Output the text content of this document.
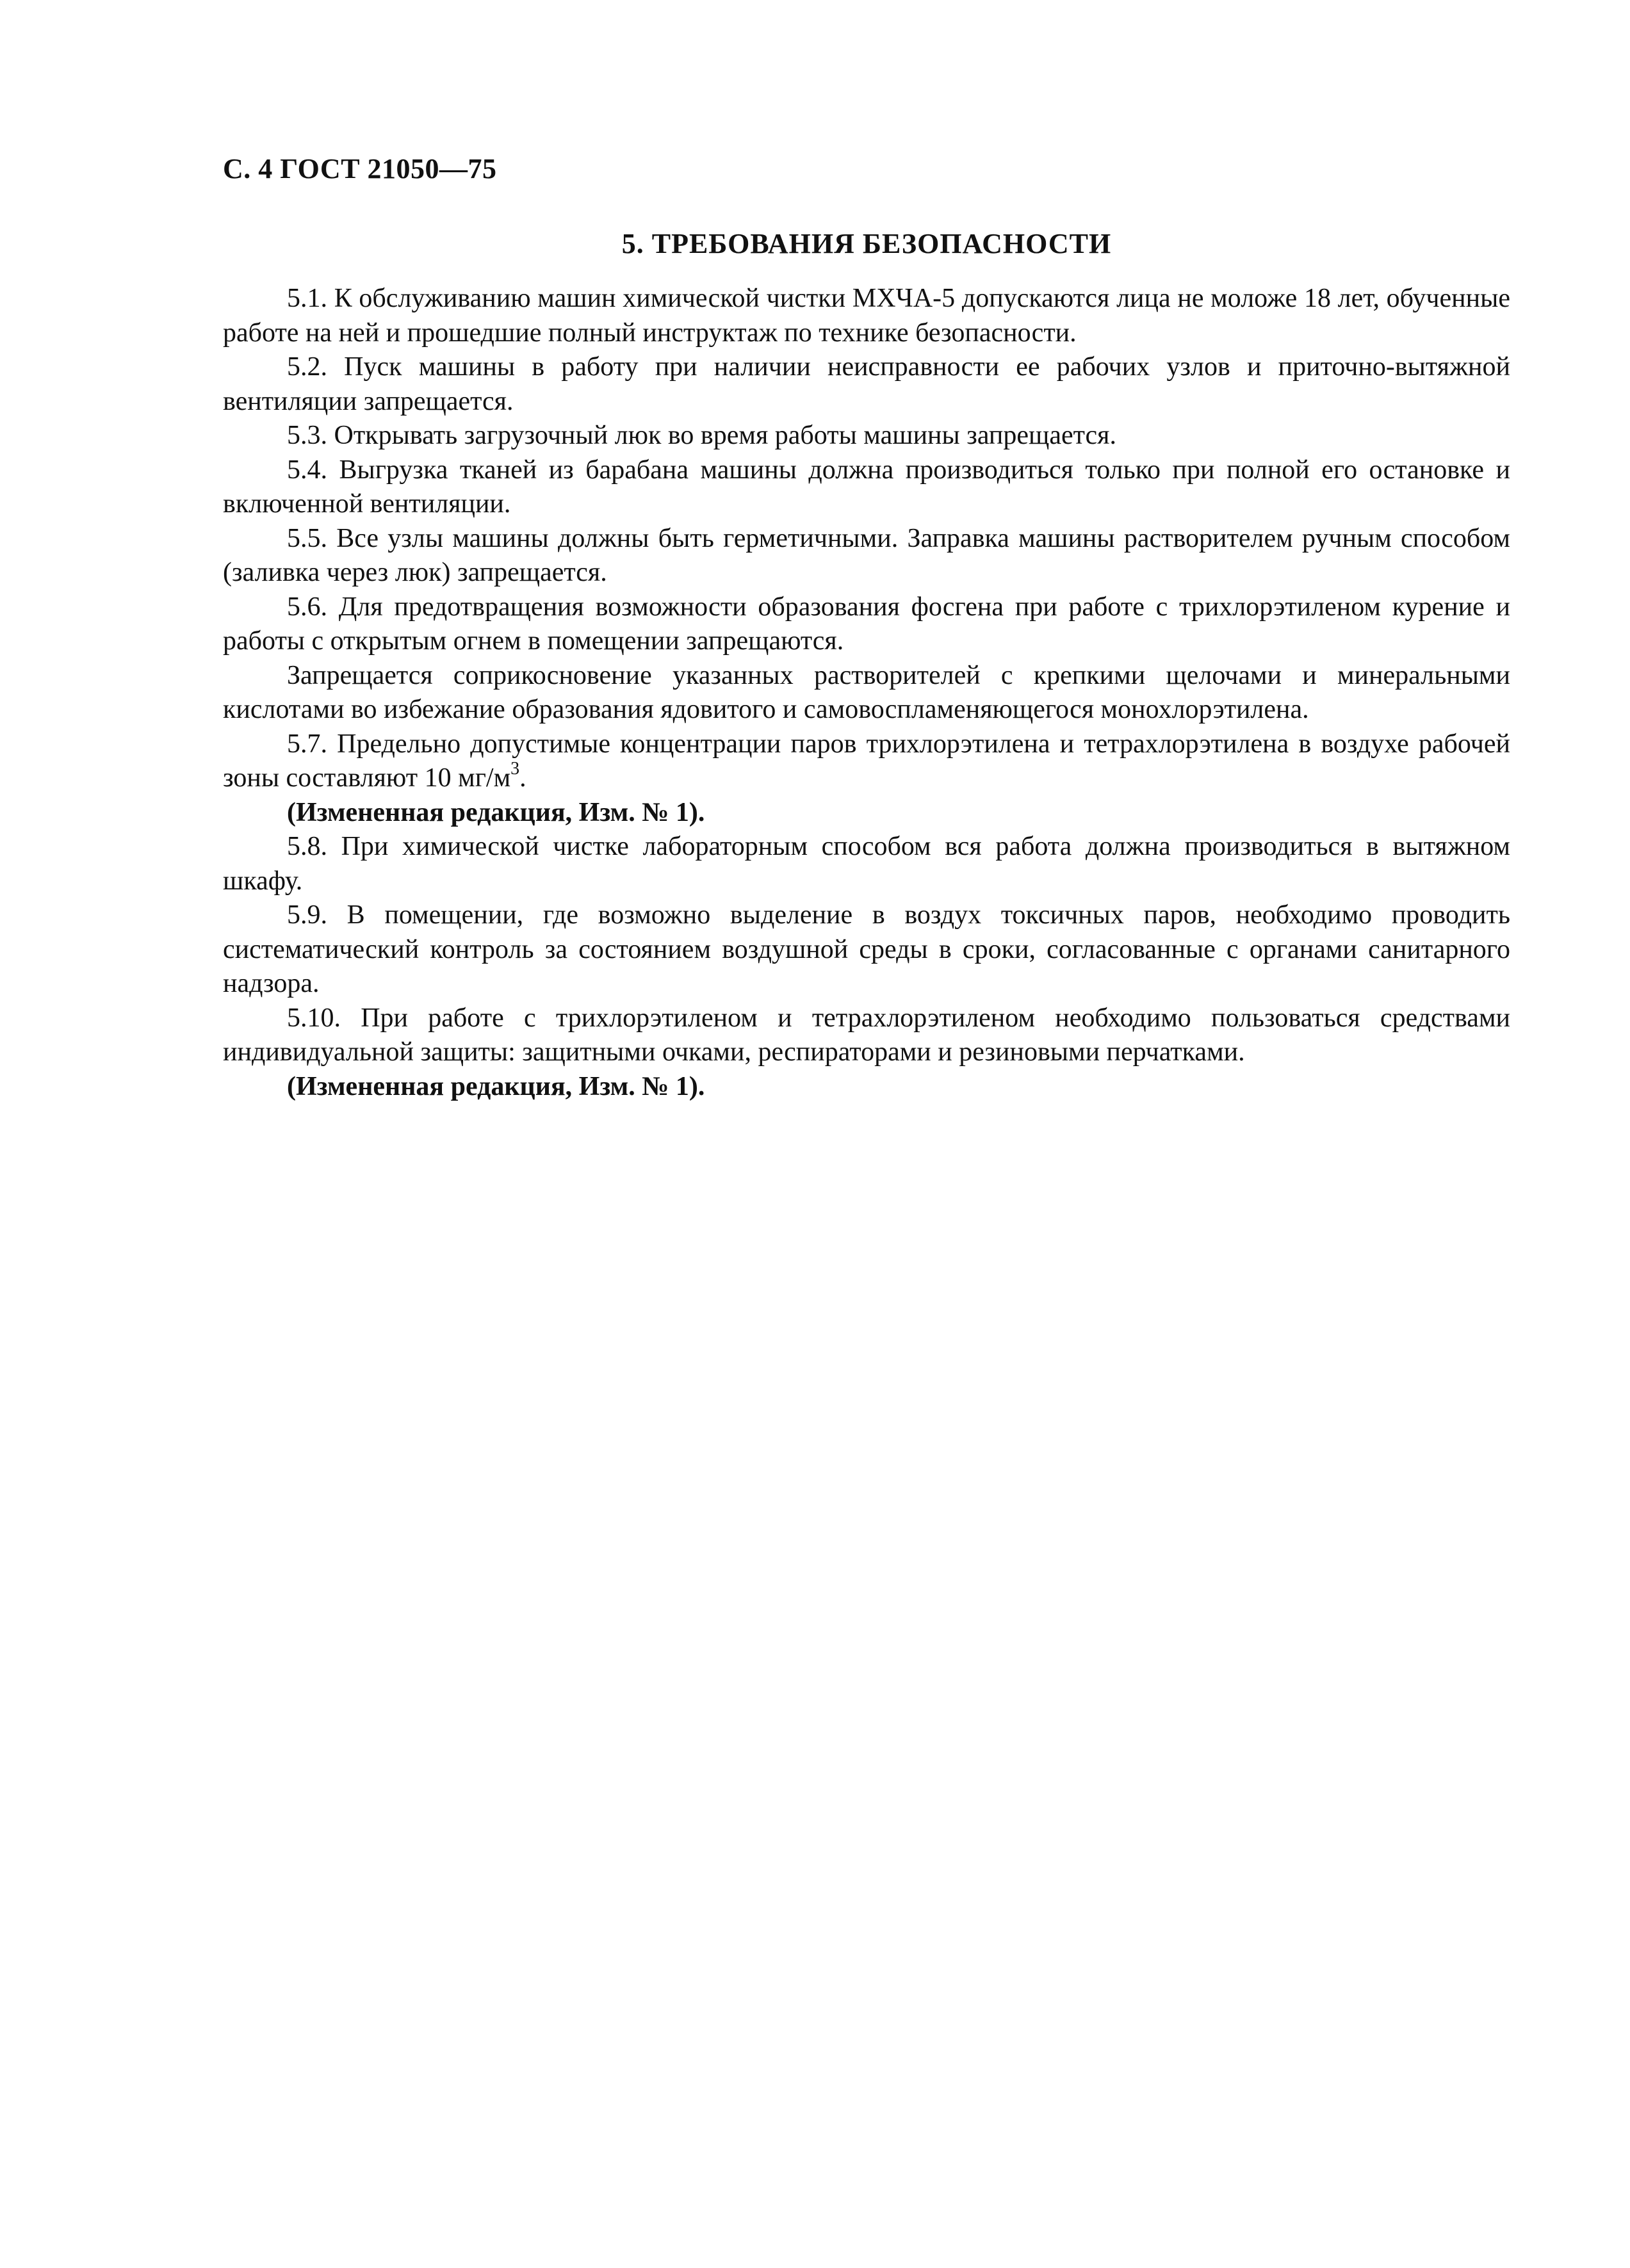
С. 4 ГОСТ 21050—75
5. ТРЕБОВАНИЯ БЕЗОПАСНОСТИ

5.1. К обслуживанию машин химической чистки МХЧА-5 допускаются лица не моложе 18 лет, обученные работе на ней и прошедшие полный инструктаж по технике безопасности.

5.2. Пуск машины в работу при наличии неисправности ее рабочих узлов и приточно-вытяжной вентиляции запрещается.

5.3. Открывать загрузочный люк во время работы машины запрещается.

5.4. Выгрузка тканей из барабана машины должна производиться только при полной его остановке и включенной вентиляции.

5.5. Все узлы машины должны быть герметичными. Заправка машины растворителем ручным способом (заливка через люк) запрещается.

5.6. Для предотвращения возможности образования фосгена при работе с трихлорэтиленом курение и работы с открытым огнем в помещении запрещаются.

Запрещается соприкосновение указанных растворителей с крепкими щелочами и минеральными кислотами во избежание образования ядовитого и самовоспламеняющегося монохлорэтилена.

5.7. Предельно допустимые концентрации паров трихлорэтилена и тетрахлорэтилена в воздухе рабочей зоны составляют 10 $мг/м^3$.

(Измененная редакция, Изм. № 1).

5.8. При химической чистке лабораторным способом вся работа должна производиться в вытяжном шкафу.

5.9. В помещении, где возможно выделение в воздух токсичных паров, необходимо проводить систематический контроль за состоянием воздушной среды в сроки, согласованные с органами санитарного надзора.

5.10. При работе с трихлорэтиленом и тетрахлорэтиленом необходимо пользоваться средствами индивидуальной защиты: защитными очками, респираторами и резиновыми перчатками.

(Измененная редакция, Изм. № 1).
